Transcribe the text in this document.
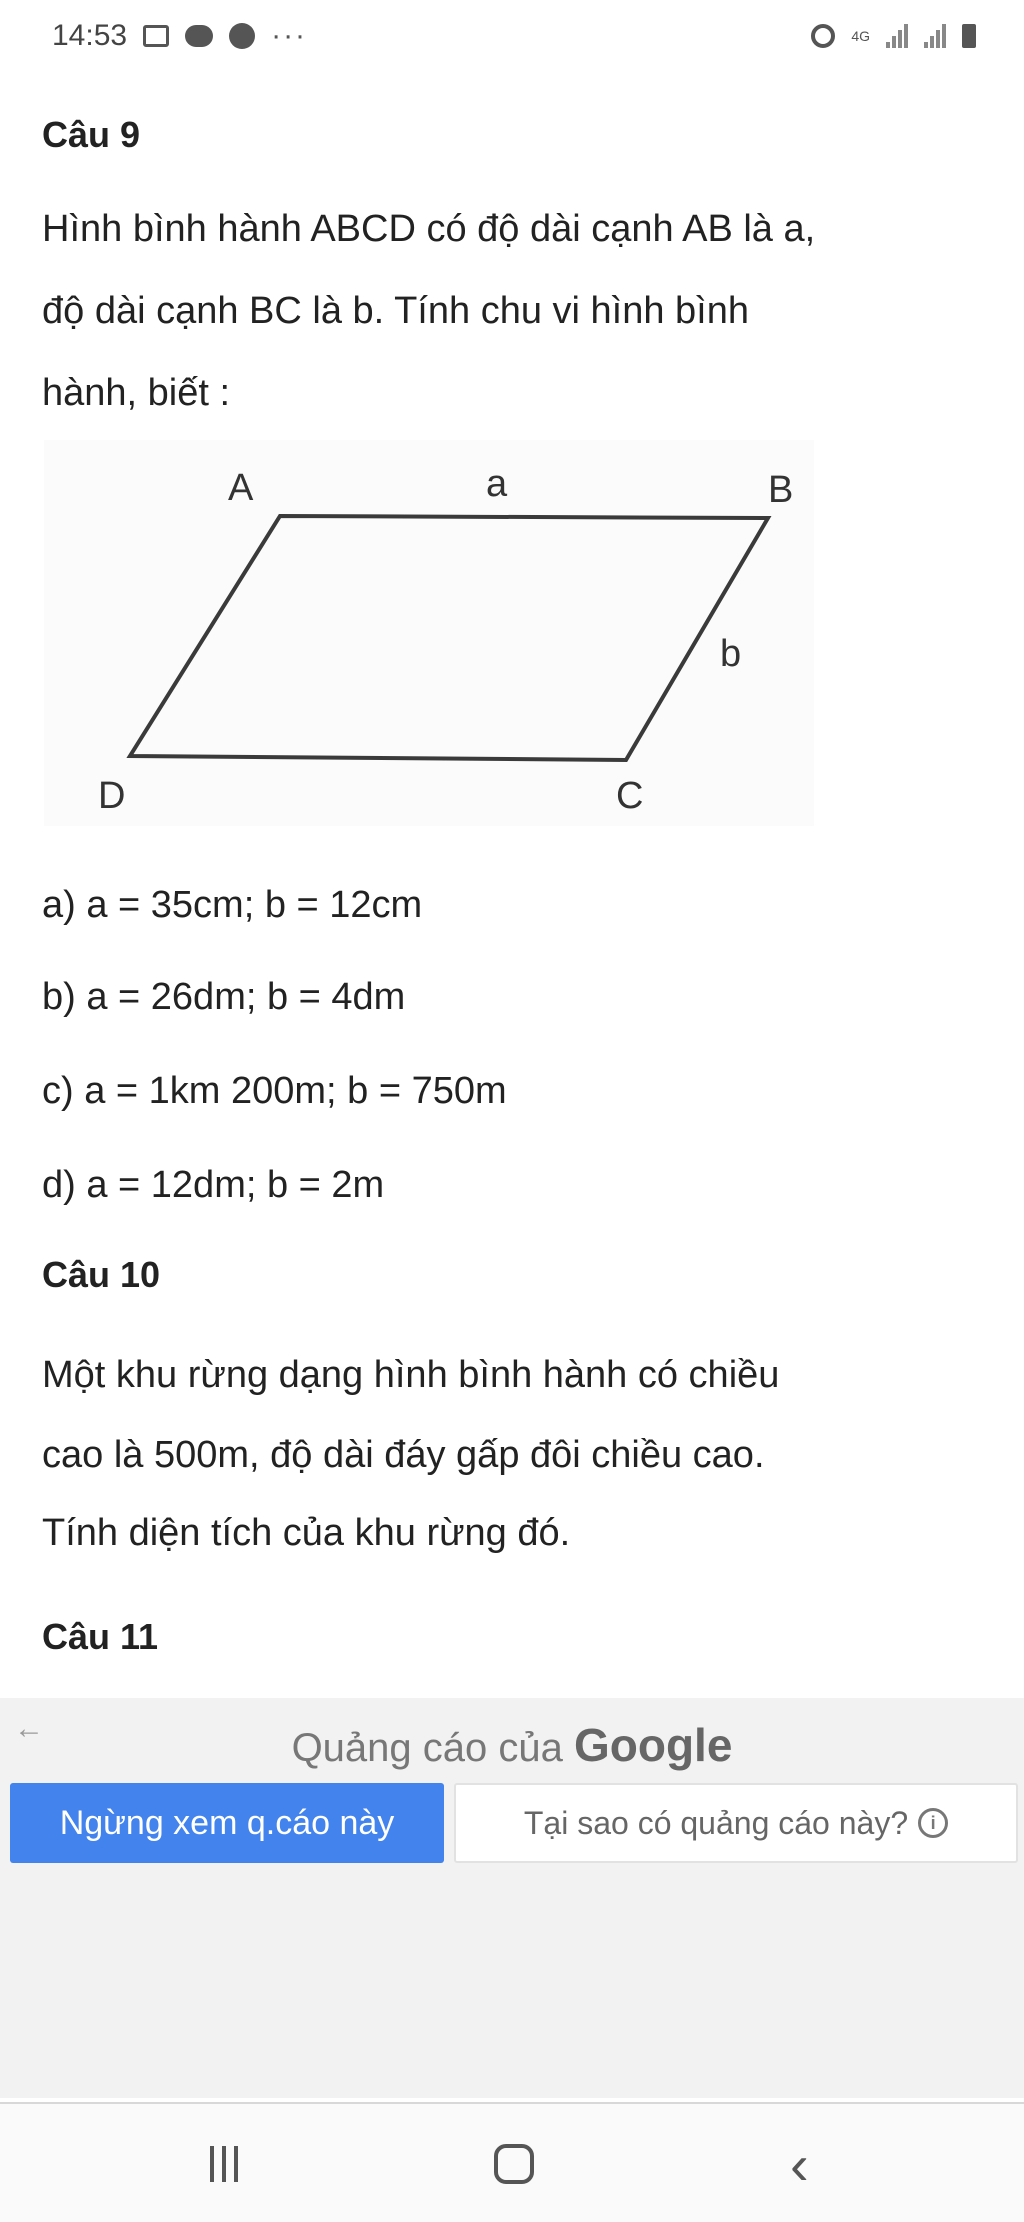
14:53	···	4G

Câu 9

Hình bình hành ABCD có độ dài cạnh AB là a,

độ dài cạnh BC là b. Tính chu vi hình bình

hành, biết :

a) a = 35cm; b = 12cm

b) a = 26dm; b = 4dm

c) a = 1km 200m; b = 750m

d) a = 12dm; b = 2m

Câu 10

Một khu rừng dạng hình bình hành có chiều

cao là 500m, độ dài đáy gấp đôi chiều cao.

Tính diện tích của khu rừng đó.

Câu 11

A	a	B
b
D	C
←	Quảng cáo của Google
Ngừng xem q.cáo này	Tại sao có quảng cáo này?	i
‹
